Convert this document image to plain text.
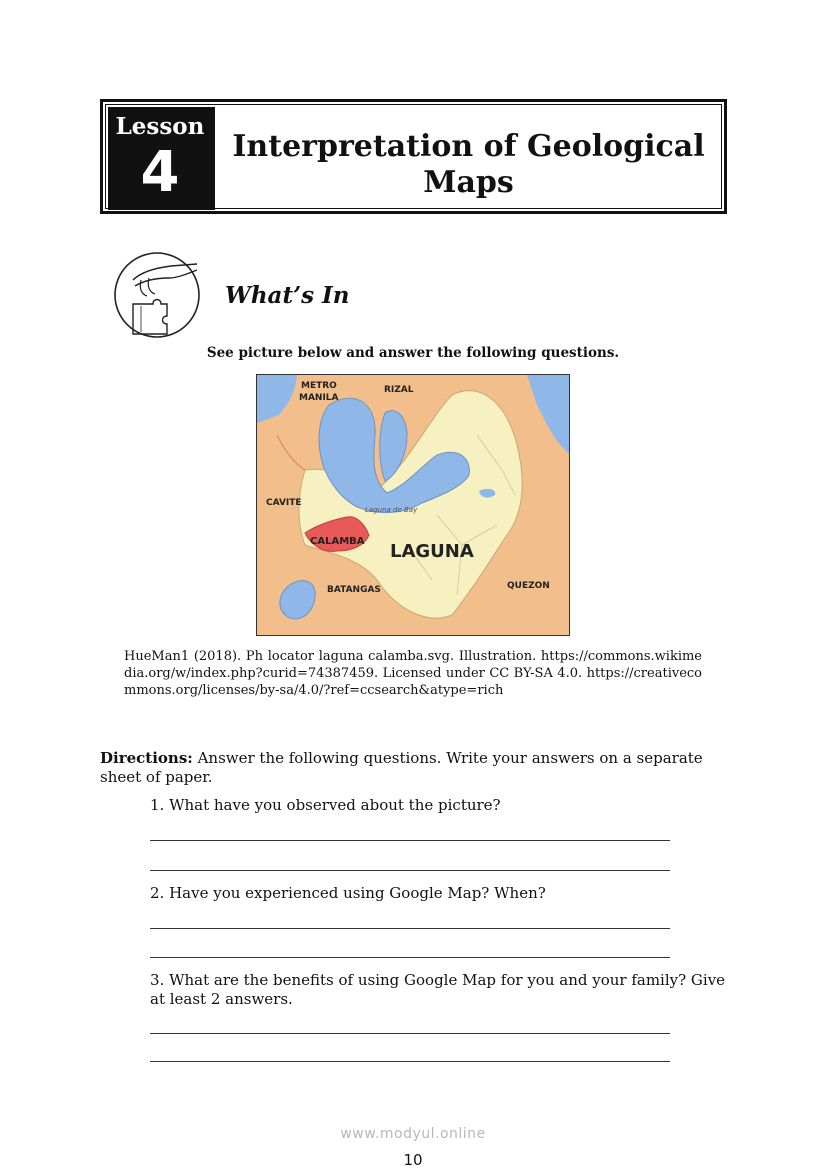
Lesson
4	Interpretation of Geological Maps
What’s In
See picture below and answer the following questions.
METRO
MANILA
RIZAL
CAVITE
CALAMBA LAGUNA
Laguna de Bay
BATANGAS	QUEZON
HueMan1 (2018). Ph locator laguna calamba.svg. Illustration. https://commons.wikimedia.org/w/index.php?curid=74387459. Licensed under CC BY-SA 4.0. https://creativecommons.org/licenses/by-sa/4.0/?ref=ccsearch&atype=rich
Directions: Answer the following questions. Write your answers on a separate sheet of paper.
1. What have you observed about the picture?
2. Have you experienced using Google Map? When?
3. What are the benefits of using Google Map for you and your family? Give at least 2 answers.
www.modyul.online
10
